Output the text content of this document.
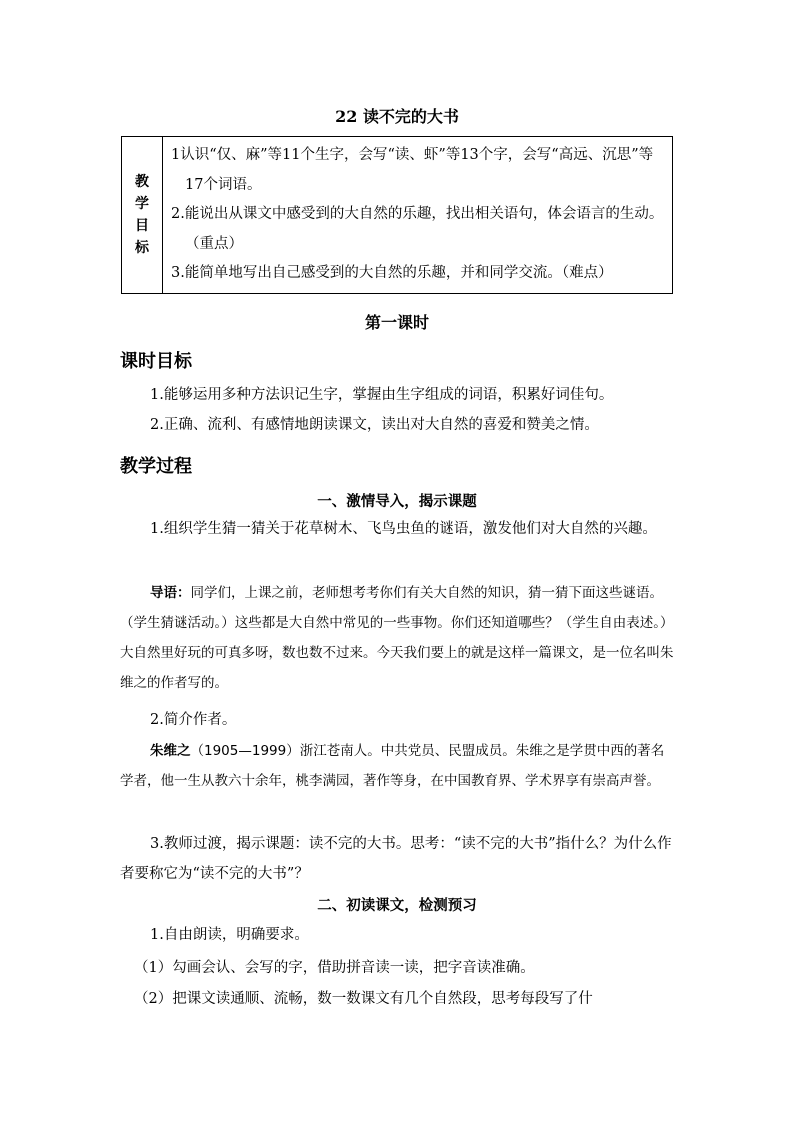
22 读不完的大书
教
学
目
标

1认识“仅、麻”等11个生字，会写“读、虾”等13个字，会写“高远、沉思”等17个词语。

2.能说出从课文中感受到的大自然的乐趣，找出相关语句，体会语言的生动。（重点）

3.能简单地写出自己感受到的大自然的乐趣，并和同学交流。（难点）

第一课时
课时目标

1.能够运用多种方法识记生字，掌握由生字组成的词语，积累好词佳句。

2.正确、流利、有感情地朗读课文，读出对大自然的喜爱和赞美之情。

教学过程
一、激情导入，揭示课题

1.组织学生猜一猜关于花草树木、飞鸟虫鱼的谜语，激发他们对大自然的兴趣。

导语：同学们，上课之前，老师想考考你们有关大自然的知识，猜一猜下面这些谜语。（学生猜谜活动。）这些都是大自然中常见的一些事物。你们还知道哪些？（学生自由表述。）大自然里好玩的可真多呀，数也数不过来。今天我们要上的就是这样一篇课文，是一位名叫朱维之的作者写的。

2.简介作者。

朱维之（1905—1999）浙江苍南人。中共党员、民盟成员。朱维之是学贯中西的著名学者，他一生从教六十余年，桃李满园，著作等身，在中国教育界、学术界享有崇高声誉。

3.教师过渡，揭示课题：读不完的大书。思考：“读不完的大书”指什么？为什么作者要称它为“读不完的大书”？

二、初读课文，检测预习

1.自由朗读，明确要求。

（1）勾画会认、会写的字，借助拼音读一读，把字音读准确。

（2）把课文读通顺、流畅，数一数课文有几个自然段，思考每段写了什
